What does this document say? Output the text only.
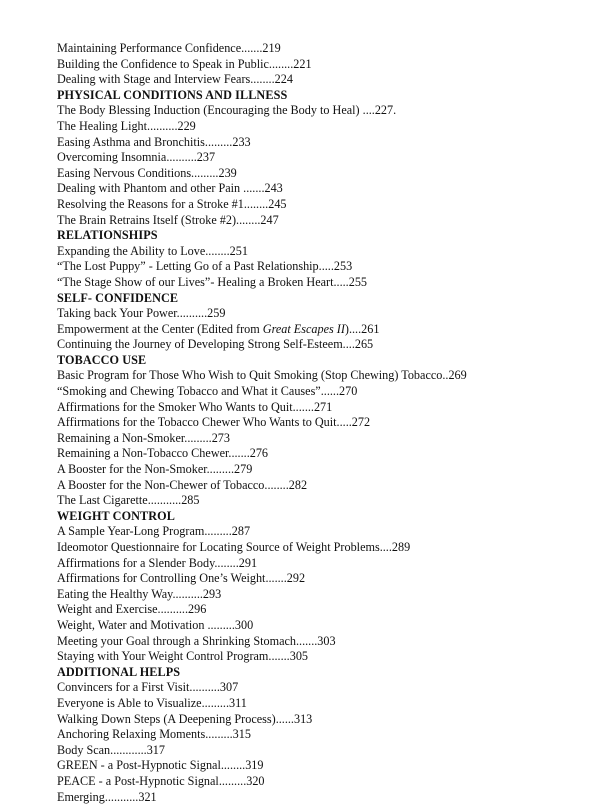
Maintaining Performance Confidence.......219
Building the Confidence to Speak in Public........221
Dealing with Stage and Interview Fears........224
PHYSICAL CONDITIONS AND ILLNESS
The Body Blessing Induction (Encouraging the Body to Heal) ....227.
The Healing Light..........229
Easing Asthma and Bronchitis.........233
Overcoming Insomnia..........237
Easing Nervous Conditions.........239
Dealing with Phantom and other Pain .......243
Resolving the Reasons for a Stroke #1........245
The Brain Retrains Itself (Stroke #2)........247
RELATIONSHIPS
Expanding the Ability to Love........251
“The Lost Puppy” - Letting Go of a Past Relationship.....253
“The Stage Show of our Lives”- Healing a Broken Heart.....255
SELF- CONFIDENCE
Taking back Your Power..........259
Empowerment at the Center (Edited from Great Escapes II)....261
Continuing the Journey of Developing Strong Self-Esteem....265
TOBACCO USE
Basic Program for Those Who Wish to Quit Smoking (Stop Chewing) Tobacco..269
“Smoking and Chewing Tobacco and What it Causes”......270
Affirmations for the Smoker Who Wants to Quit.......271
Affirmations for the Tobacco Chewer Who Wants to Quit.....272
Remaining a Non-Smoker.........273
Remaining a Non-Tobacco Chewer.......276
A Booster for the Non-Smoker.........279
A Booster for the Non-Chewer of Tobacco........282
The Last Cigarette...........285
WEIGHT CONTROL
A Sample Year-Long Program.........287
Ideomotor Questionnaire for Locating Source of Weight Problems....289
Affirmations for a Slender Body........291
Affirmations for Controlling One’s Weight.......292
Eating the Healthy Way..........293
Weight and Exercise..........296
Weight, Water and Motivation .........300
Meeting your Goal through a Shrinking Stomach.......303
Staying with Your Weight Control Program.......305
ADDITIONAL HELPS
Convincers for a First Visit..........307
Everyone is Able to Visualize.........311
Walking Down Steps (A Deepening Process)......313
Anchoring Relaxing Moments.........315
Body Scan............317
GREEN - a Post-Hypnotic Signal........319
PEACE - a Post-Hypnotic Signal.........320
Emerging...........321
